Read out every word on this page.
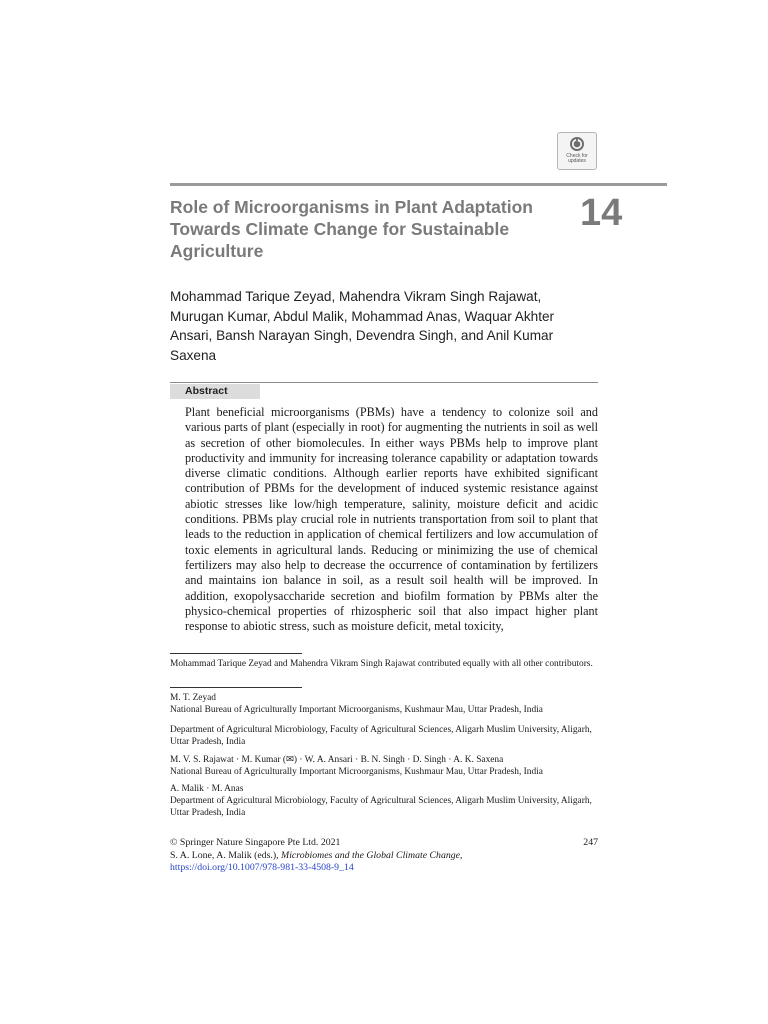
Check for
updates
Role of Microorganisms in Plant Adaptation Towards Climate Change for Sustainable Agriculture
14
Mohammad Tarique Zeyad, Mahendra Vikram Singh Rajawat, Murugan Kumar, Abdul Malik, Mohammad Anas, Waquar Akhter Ansari, Bansh Narayan Singh, Devendra Singh, and Anil Kumar Saxena
Abstract

Plant beneficial microorganisms (PBMs) have a tendency to colonize soil and various parts of plant (especially in root) for augmenting the nutrients in soil as well as secretion of other biomolecules. In either ways PBMs help to improve plant productivity and immunity for increasing tolerance capability or adaptation towards diverse climatic conditions. Although earlier reports have exhibited significant contribution of PBMs for the development of induced systemic resistance against abiotic stresses like low/high temperature, salinity, moisture deficit and acidic conditions. PBMs play crucial role in nutrients transportation from soil to plant that leads to the reduction in application of chemical fertilizers and low accumulation of toxic elements in agricultural lands. Reducing or minimizing the use of chemical fertilizers may also help to decrease the occurrence of contamination by fertilizers and maintains ion balance in soil, as a result soil health will be improved. In addition, exopolysaccharide secretion and biofilm formation by PBMs alter the physico-chemical properties of rhizospheric soil that also impact higher plant response to abiotic stress, such as moisture deficit, metal toxicity,

Mohammad Tarique Zeyad and Mahendra Vikram Singh Rajawat contributed equally with all other contributors.

M. T. Zeyad

National Bureau of Agriculturally Important Microorganisms, Kushmaur Mau, Uttar Pradesh, India

Department of Agricultural Microbiology, Faculty of Agricultural Sciences, Aligarh Muslim University, Aligarh, Uttar Pradesh, India

M. V. S. Rajawat · M. Kumar (✉) · W. A. Ansari · B. N. Singh · D. Singh · A. K. Saxena

National Bureau of Agriculturally Important Microorganisms, Kushmaur Mau, Uttar Pradesh, India

A. Malik · M. Anas

Department of Agricultural Microbiology, Faculty of Agricultural Sciences, Aligarh Muslim University, Aligarh, Uttar Pradesh, India

© Springer Nature Singapore Pte Ltd. 2021	247
S. A. Lone, A. Malik (eds.), Microbiomes and the Global Climate Change,
https://doi.org/10.1007/978-981-33-4508-9_14
